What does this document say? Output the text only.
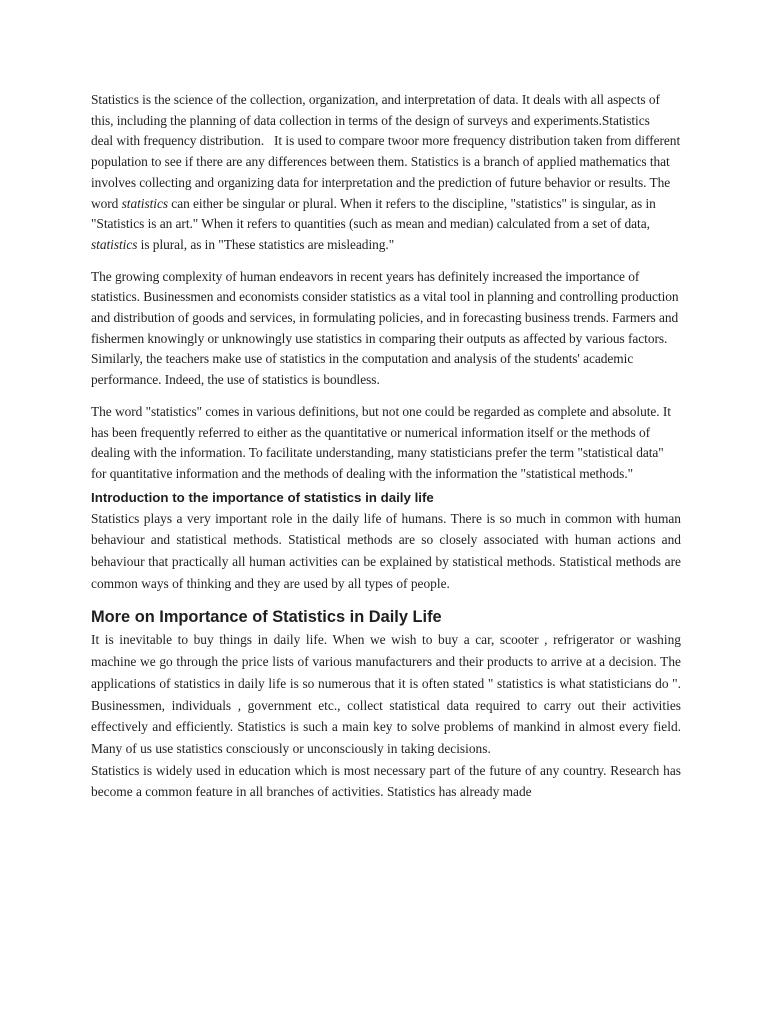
Statistics is the science of the collection, organization, and interpretation of data. It deals with all aspects of this, including the planning of data collection in terms of the design of surveys and experiments.Statistics   deal with frequency distribution.   It is used to compare twoor more frequency distribution taken from different population to see if there are any differences between them. Statistics is a branch of applied mathematics that involves collecting and organizing data for interpretation and the prediction of future behavior or results. The word statistics can either be singular or plural. When it refers to the discipline, "statistics" is singular, as in "Statistics is an art." When it refers to quantities (such as mean and median) calculated from a set of data, statistics is plural, as in "These statistics are misleading."

The growing complexity of human endeavors in recent years has definitely increased the importance of statistics. Businessmen and economists consider statistics as a vital tool in planning and controlling production and distribution of goods and services, in formulating policies, and in forecasting business trends. Farmers and fishermen knowingly or unknowingly use statistics in comparing their outputs as affected by various factors. Similarly, the teachers make use of statistics in the computation and analysis of the students' academic performance. Indeed, the use of statistics is boundless.

The word "statistics" comes in various definitions, but not one could be regarded as complete and absolute. It has been frequently referred to either as the quantitative or numerical information itself or the methods of dealing with the information. To facilitate understanding, many statisticians prefer the term "statistical data" for quantitative information and the methods of dealing with the information the "statistical methods."

Introduction to the importance of statistics in daily life

Statistics plays a very important role in the daily life of humans. There is so much in common with human behaviour and statistical methods. Statistical methods are so closely associated with human actions and behaviour that practically all human activities can be explained by statistical methods. Statistical methods are common ways of thinking and they are used by all types of people.

More on Importance of Statistics in Daily Life

It is inevitable to buy things in daily life. When we wish to buy a car, scooter , refrigerator or washing machine we go through the price lists of various manufacturers and their products to arrive at a decision. The applications of statistics in daily life is so numerous that it is often stated " statistics is what statisticians do ". Businessmen, individuals , government etc., collect statistical data required to carry out their activities effectively and efficiently. Statistics is such a main key to solve problems of mankind in almost every field. Many of us use statistics consciously or unconsciously in taking decisions.

Statistics is widely used in education which is most necessary part of the future of any country. Research has become a common feature in all branches of activities. Statistics has already made
